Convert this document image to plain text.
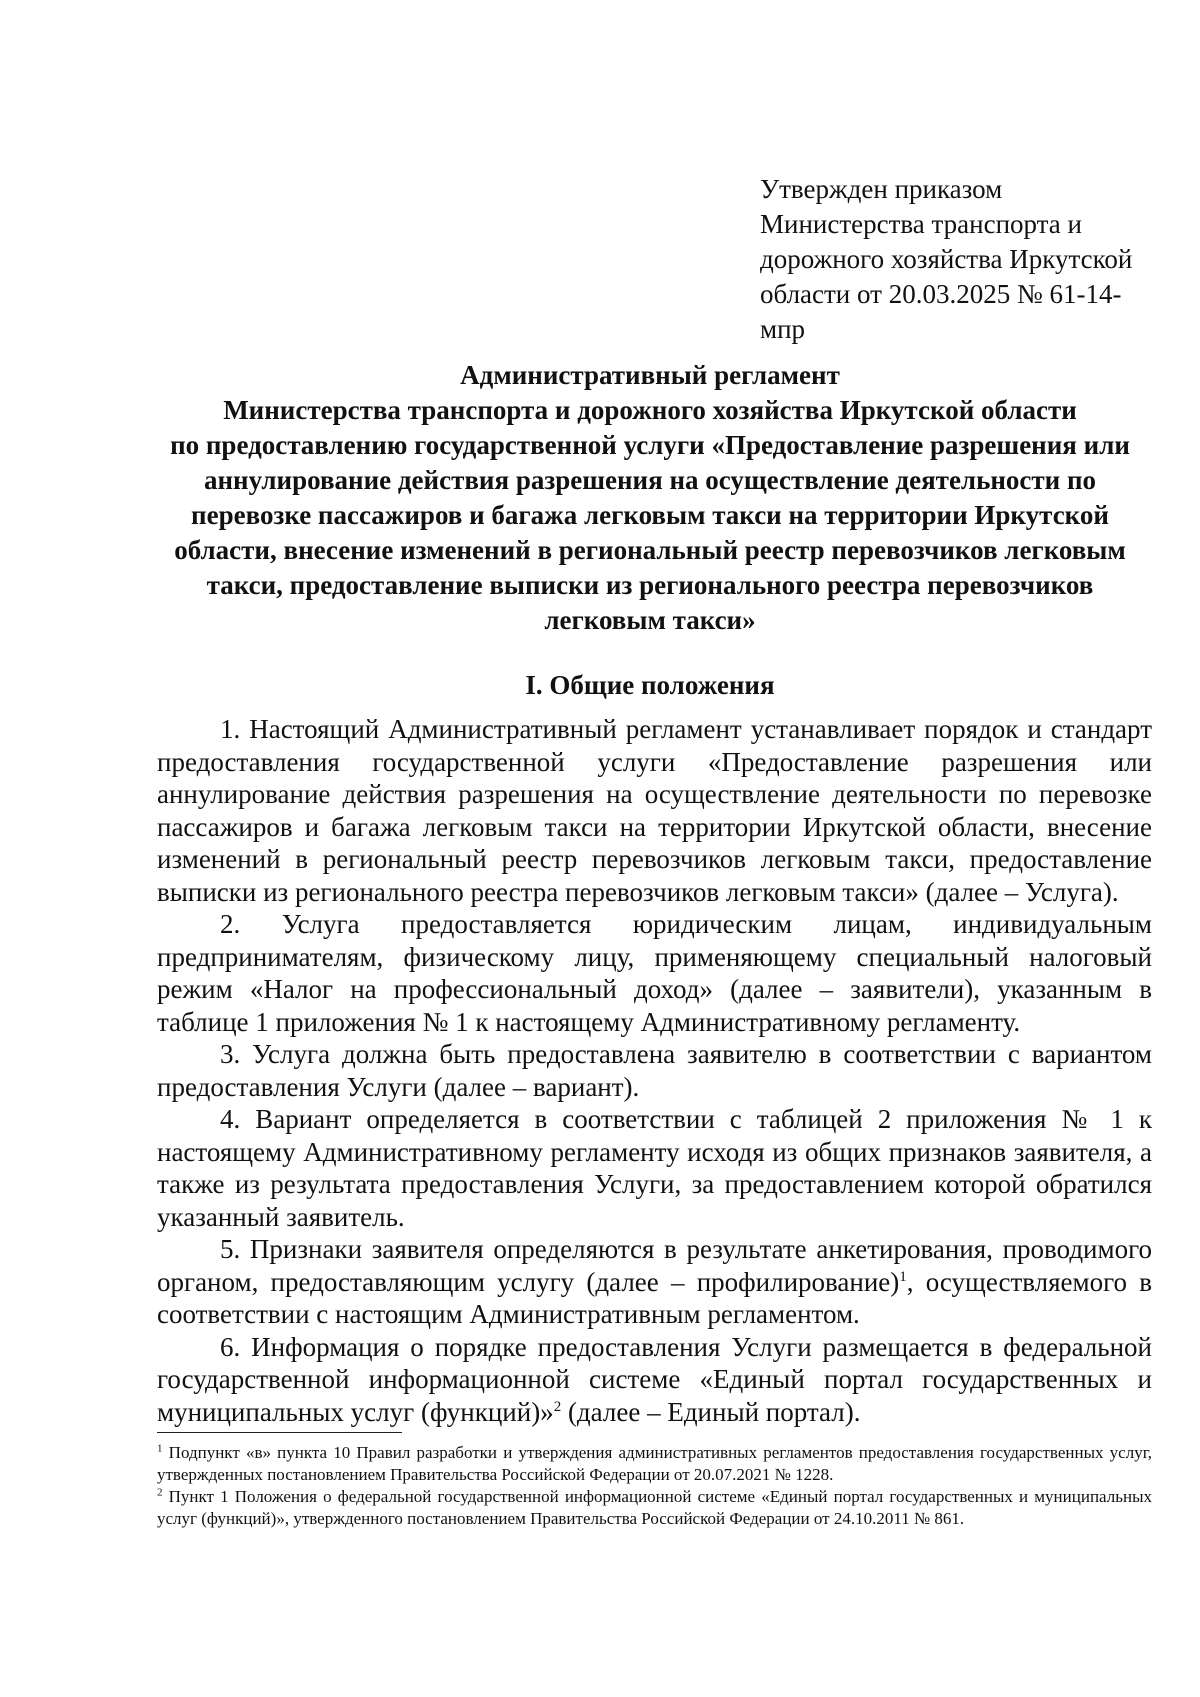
Утвержден приказом
Министерства транспорта и
дорожного хозяйства Иркутской
области от 20.03.2025 № 61-14-
мпр
Административный регламент
Министерства транспорта и дорожного хозяйства Иркутской области
по предоставлению государственной услуги «Предоставление разрешения или
аннулирование действия разрешения на осуществление деятельности по
перевозке пассажиров и багажа легковым такси на территории Иркутской
области, внесение изменений в региональный реестр перевозчиков легковым
такси, предоставление выписки из регионального реестра перевозчиков
легковым такси»
I. Общие положения

1. Настоящий Административный регламент устанавливает порядок и стандарт предоставления государственной услуги «Предоставление разрешения или аннулирование действия разрешения на осуществление деятельности по перевозке пассажиров и багажа легковым такси на территории Иркутской области, внесение изменений в региональный реестр перевозчиков легковым такси, предоставление выписки из регионального реестра перевозчиков легковым такси» (далее – Услуга).

2. Услуга предоставляется юридическим лицам, индивидуальным предпринимателям, физическому лицу, применяющему специальный налоговый режим «Налог на профессиональный доход» (далее – заявители), указанным в таблице 1 приложения № 1 к настоящему Административному регламенту.

3. Услуга должна быть предоставлена заявителю в соответствии с вариантом предоставления Услуги (далее – вариант).

4. Вариант определяется в соответствии с таблицей 2 приложения № 1 к настоящему Административному регламенту исходя из общих признаков заявителя, а также из результата предоставления Услуги, за предоставлением которой обратился указанный заявитель.

5. Признаки заявителя определяются в результате анкетирования, проводимого органом, предоставляющим услугу (далее – профилирование)$^1$, осуществляемого в соответствии с настоящим Административным регламентом.

6. Информация о порядке предоставления Услуги размещается в федеральной государственной информационной системе «Единый портал государственных и муниципальных услуг (функций)»$^2$ (далее – Единый портал).

$^1$ Подпункт «в» пункта 10 Правил разработки и утверждения административных регламентов предоставления государственных услуг, утвержденных постановлением Правительства Российской Федерации от 20.07.2021 № 1228.

$^2$ Пункт 1 Положения о федеральной государственной информационной системе «Единый портал государственных и муниципальных услуг (функций)», утвержденного постановлением Правительства Российской Федерации от 24.10.2011 № 861.
